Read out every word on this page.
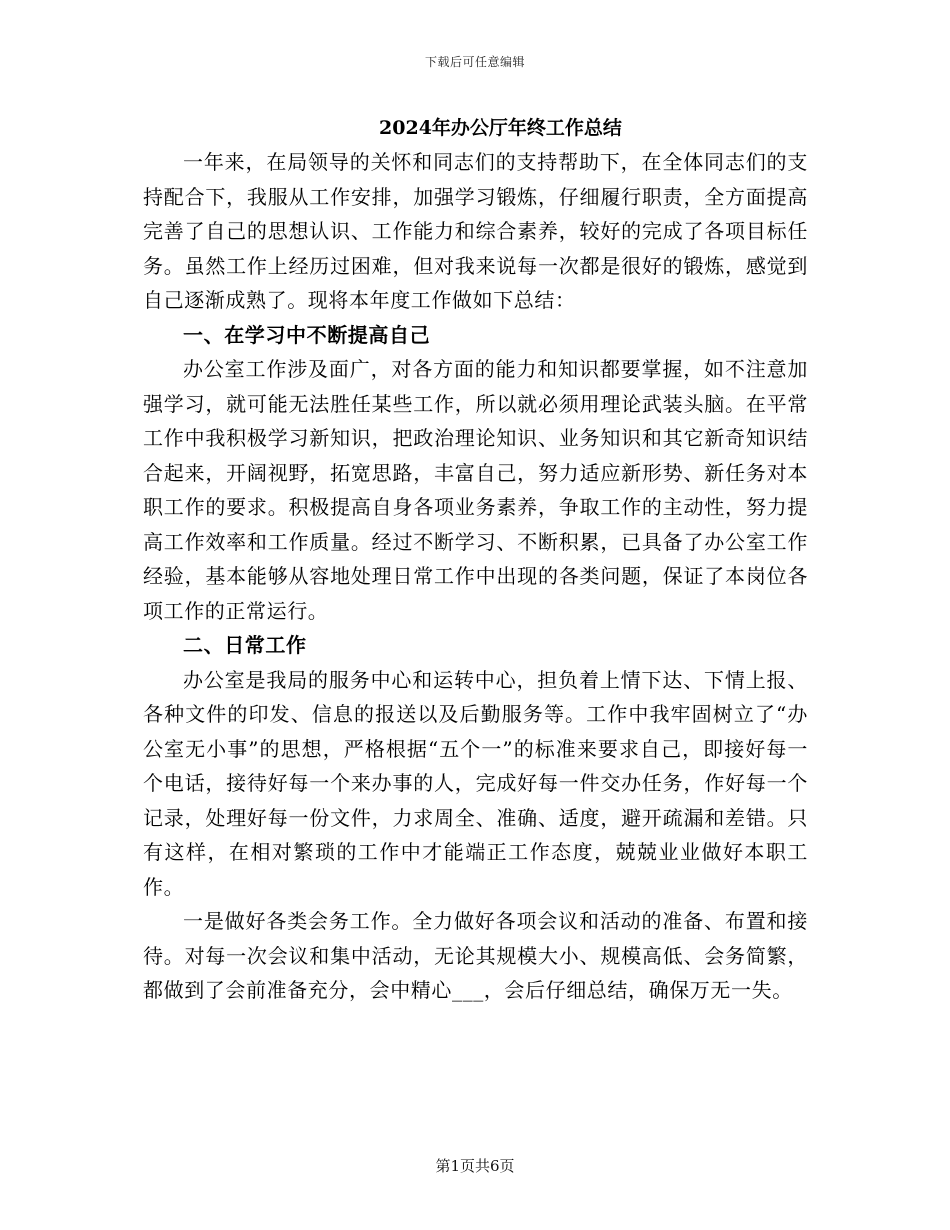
下载后可任意编辑
2024年办公厅年终工作总结

一年来，在局领导的关怀和同志们的支持帮助下，在全体同志们的支持配合下，我服从工作安排，加强学习锻炼，仔细履行职责，全方面提高完善了自己的思想认识、工作能力和综合素养，较好的完成了各项目标任务。虽然工作上经历过困难，但对我来说每一次都是很好的锻炼，感觉到自己逐渐成熟了。现将本年度工作做如下总结：

一、在学习中不断提高自己

办公室工作涉及面广，对各方面的能力和知识都要掌握，如不注意加强学习，就可能无法胜任某些工作，所以就必须用理论武装头脑。在平常工作中我积极学习新知识，把政治理论知识、业务知识和其它新奇知识结合起来，开阔视野，拓宽思路，丰富自己，努力适应新形势、新任务对本职工作的要求。积极提高自身各项业务素养，争取工作的主动性，努力提高工作效率和工作质量。经过不断学习、不断积累，已具备了办公室工作经验，基本能够从容地处理日常工作中出现的各类问题，保证了本岗位各项工作的正常运行。

二、日常工作

办公室是我局的服务中心和运转中心，担负着上情下达、下情上报、各种文件的印发、信息的报送以及后勤服务等。工作中我牢固树立了“办公室无小事”的思想，严格根据“五个一”的标准来要求自己，即接好每一个电话，接待好每一个来办事的人，完成好每一件交办任务，作好每一个记录，处理好每一份文件，力求周全、准确、适度，避开疏漏和差错。只有这样，在相对繁琐的工作中才能端正工作态度，兢兢业业做好本职工作。

一是做好各类会务工作。全力做好各项会议和活动的准备、布置和接待。对每一次会议和集中活动，无论其规模大小、规模高低、会务简繁，都做到了会前准备充分，会中精心___，会后仔细总结，确保万无一失。

第1页共6页
